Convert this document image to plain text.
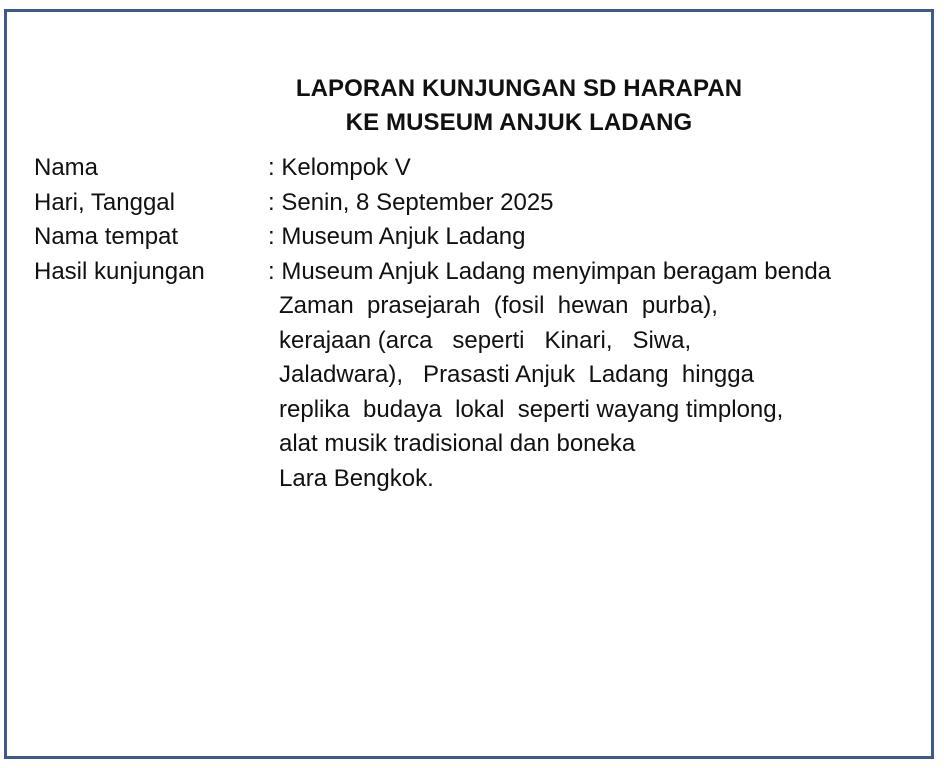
LAPORAN KUNJUNGAN SD HARAPAN
KE MUSEUM ANJUK LADANG
Nama	: Kelompok V
Hari, Tanggal	: Senin, 8 September 2025
Nama tempat	: Museum Anjuk Ladang
Hasil kunjungan	: Museum Anjuk Ladang menyimpan beragam benda
Zaman  prasejarah  (fosil  hewan  purba),
kerajaan (arca   seperti   Kinari,   Siwa,
Jaladwara),   Prasasti Anjuk  Ladang  hingga
replika  budaya  lokal  seperti wayang timplong,
alat musik tradisional dan boneka
Lara Bengkok.
